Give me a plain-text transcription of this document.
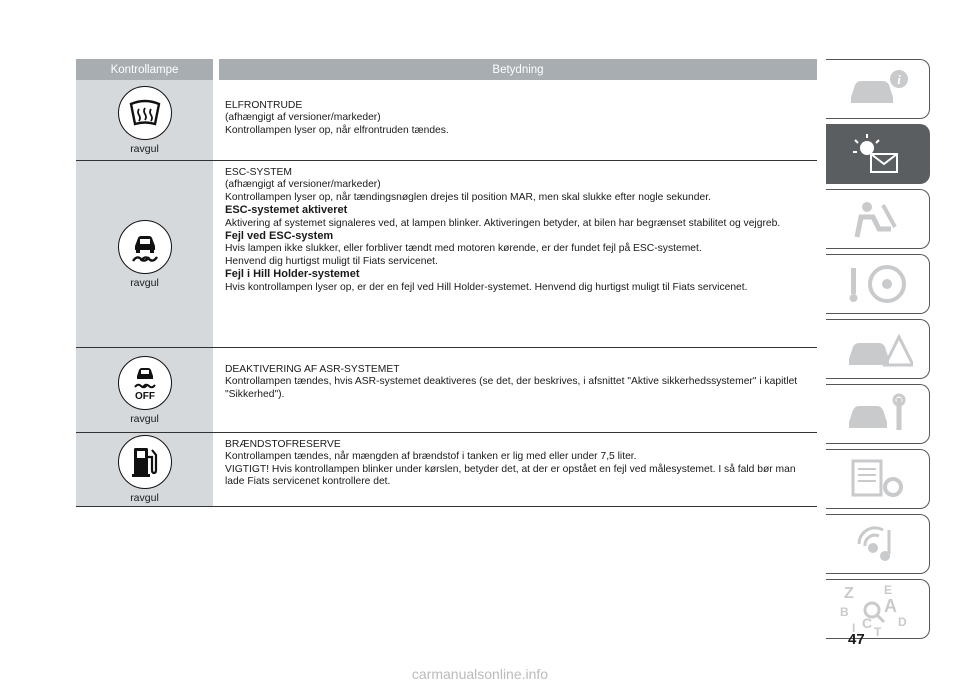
Kontrollampe	Betydning
ravgul

ELFRONTRUDE

(afhængigt af versioner/markeder)

Kontrollampen lyser op, når elfrontruden tændes.

ravgul

ESC-SYSTEM

(afhængigt af versioner/markeder)

Kontrollampen lyser op, når tændingsnøglen drejes til position MAR, men skal slukke efter nogle sekunder.

ESC-systemet aktiveret

Aktivering af systemet signaleres ved, at lampen blinker. Aktiveringen betyder, at bilen har begrænset stabilitet og vejgreb.

Fejl ved ESC-system

Hvis lampen ikke slukker, eller forbliver tændt med motoren kørende, er der fundet fejl på ESC-systemet.

Henvend dig hurtigst muligt til Fiats servicenet.

Fejl i Hill Holder-systemet

Hvis kontrollampen lyser op, er der en fejl ved Hill Holder-systemet. Henvend dig hurtigst muligt til Fiats servicenet.

OFF
ravgul

DEAKTIVERING AF ASR-SYSTEMET

Kontrollampen tændes, hvis ASR-systemet deaktiveres (se det, der beskrives, i afsnittet "Aktive sikkerhedssystemer" i kapitlet "Sikkerhed").

ravgul

BRÆNDSTOFRESERVE

Kontrollampen tændes, når mængden af brændstof i tanken er lig med eller under 7,5 liter.

VIGTIGT! Hvis kontrollampen blinker under kørslen, betyder det, at der er opstået en fejl ved målesystemet. I så fald bør man lade Fiats servicenet kontrollere det.

i
Z	E
A
B
C D
T
I
47
carmanualsonline.info
